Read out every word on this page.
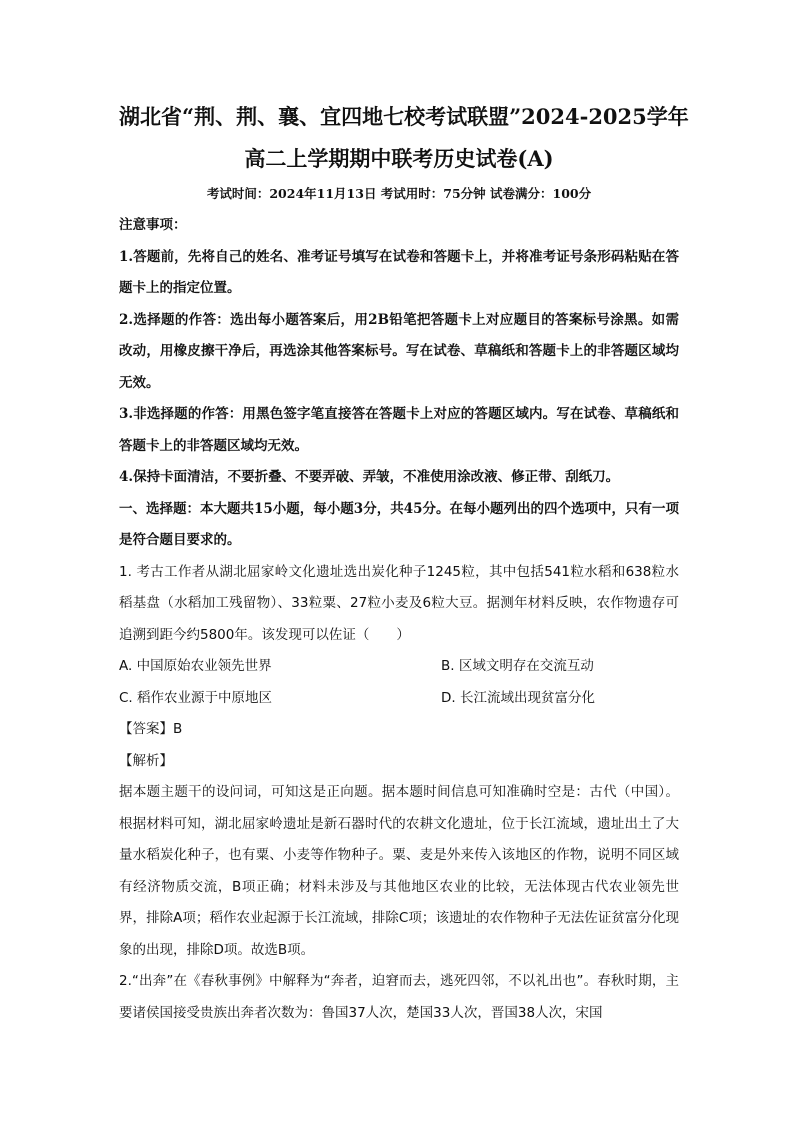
湖北省“荆、荆、襄、宜四地七校考试联盟”2024-2025学年
高二上学期期中联考历史试卷(A)
考试时间：2024年11月13日 考试用时：75分钟 试卷满分：100分
注意事项：
1.答题前，先将自己的姓名、准考证号填写在试卷和答题卡上，并将准考证号条形码粘贴在答题卡上的指定位置。
2.选择题的作答：选出每小题答案后，用2B铅笔把答题卡上对应题目的答案标号涂黑。如需改动，用橡皮擦干净后，再选涂其他答案标号。写在试卷、草稿纸和答题卡上的非答题区域均无效。
3.非选择题的作答：用黑色签字笔直接答在答题卡上对应的答题区域内。写在试卷、草稿纸和答题卡上的非答题区域均无效。
4.保持卡面清洁，不要折叠、不要弄破、弄皱，不准使用涂改液、修正带、刮纸刀。
一、选择题：本大题共15小题，每小题3分，共45分。在每小题列出的四个选项中，只有一项是符合题目要求的。
1. 考古工作者从湖北屈家岭文化遗址选出炭化种子1245粒，其中包括541粒水稻和638粒水稻基盘（水稻加工残留物）、33粒粟、27粒小麦及6粒大豆。据测年材料反映，农作物遗存可追溯到距今约5800年。该发现可以佐证（　　）
A. 中国原始农业领先世界	B. 区域文明存在交流互动
C. 稻作农业源于中原地区	D. 长江流域出现贫富分化
【答案】B
【解析】
据本题主题干的设问词，可知这是正向题。据本题时间信息可知准确时空是：古代（中国）。根据材料可知，湖北屈家岭遗址是新石器时代的农耕文化遗址，位于长江流域，遗址出土了大量水稻炭化种子，也有粟、小麦等作物种子。粟、麦是外来传入该地区的作物，说明不同区域有经济物质交流，B项正确；材料未涉及与其他地区农业的比较，无法体现古代农业领先世界，排除A项；稻作农业起源于长江流域，排除C项；该遗址的农作物种子无法佐证贫富分化现象的出现，排除D项。故选B项。
2.“出奔”在《春秋事例》中解释为“奔者，迫窘而去，逃死四邻，不以礼出也”。春秋时期，主要诸侯国接受贵族出奔者次数为：鲁国37人次，楚国33人次，晋国38人次，宋国
